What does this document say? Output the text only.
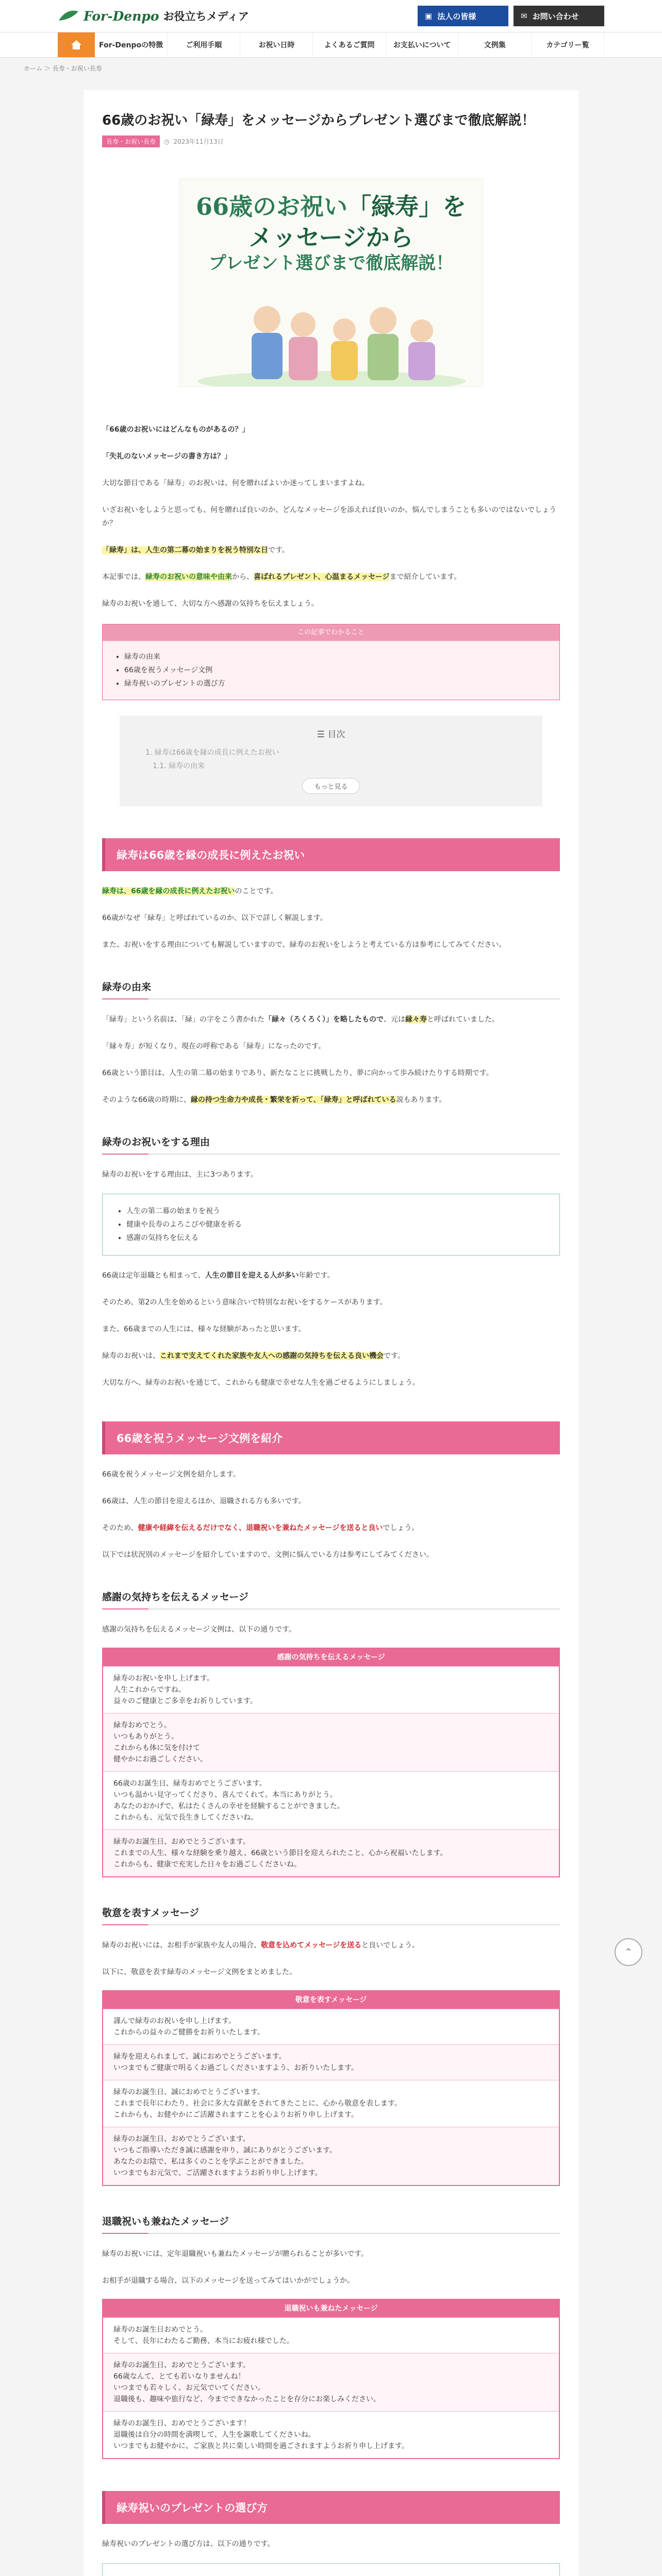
For-Denpo お役立ちメディア	▣ 法人の皆様	✉ お問い合わせ
For-Denpoの特徴	ご利用手順	お祝い日時	よくあるご質問	お支払いについて	文例集	カテゴリー覧
ホーム ＞ 長寿・お祝い長寿
66歳のお祝い「緑寿」をメッセージからプレゼント選びまで徹底解説！
長寿・お祝い長寿	◷ 2023年11月13日
66歳のお祝い「緑寿」を
メッセージから
プレゼント選びまで徹底解説！

「66歳のお祝いにはどんなものがあるの？」

「失礼のないメッセージの書き方は？」

大切な節目である「緑寿」のお祝いは、何を贈ればよいか迷ってしまいますよね。

いざお祝いをしようと思っても、何を贈れば良いのか、どんなメッセージを添えれば良いのか、悩んでしまうことも多いのではないでしょうか？

「緑寿」は、人生の第二幕の始まりを祝う特別な日です。

本記事では、緑寿のお祝いの意味や由来から、喜ばれるプレゼント、心温まるメッセージまで紹介しています。

緑寿のお祝いを通して、大切な方へ感謝の気持ちを伝えましょう。

この記事でわかること
• 緑寿の由来
• 66歳を祝うメッセージ文例
• 緑寿祝いのプレゼントの選び方
☰ 目次
1. 緑寿は66歳を縁の成長に例えたお祝い
1.1. 緑寿の由来
もっと見る
緑寿は66歳を縁の成長に例えたお祝い

緑寿は、66歳を縁の成長に例えたお祝いのことです。

66歳がなぜ「緑寿」と呼ばれているのか、以下で詳しく解説します。

また、お祝いをする理由についても解説していますので、緑寿のお祝いをしようと考えている方は参考にしてみてください。

緑寿の由来

「緑寿」という名前は、「緑」の字をこう書かれた「緑々（ろくろく）」を略したもので、元は縁々寿と呼ばれていました。

「縁々寿」が短くなり、現在の呼称である「緑寿」になったのです。

66歳という節目は、人生の第二幕の始まりであり、新たなことに挑戦したり、夢に向かって歩み続けたりする時期です。

そのような66歳の時期に、縁の持つ生命力や成長・繁栄を祈って、「緑寿」と呼ばれている説もあります。

緑寿のお祝いをする理由

緑寿のお祝いをする理由は、主に3つあります。

• 人生の第二幕の始まりを祝う
• 健康や長寿のよろこびや健康を祈る
• 感謝の気持ちを伝える

66歳は定年退職とも相まって、人生の節目を迎える人が多い年齢です。

そのため、第2の人生を始めるという意味合いで特別なお祝いをするケースがあります。

また、66歳までの人生には、様々な経験があったと思います。

緑寿のお祝いは、これまで支えてくれた家族や友人への感謝の気持ちを伝える良い機会です。

大切な方へ、緑寿のお祝いを通じて、これからも健康で幸せな人生を過ごせるようにしましょう。

66歳を祝うメッセージ文例を紹介

66歳を祝うメッセージ文例を紹介します。

66歳は、人生の節目を迎えるほか、退職される方も多いです。

そのため、健康や経緯を伝えるだけでなく、退職祝いを兼ねたメッセージを送ると良いでしょう。

以下では状況別のメッセージを紹介していますので、文例に悩んでいる方は参考にしてみてください。

感謝の気持ちを伝えるメッセージ

感謝の気持ちを伝えるメッセージ文例は、以下の通りです。

感謝の気持ちを伝えるメッセージ
緑寿のお祝いを申し上げます。
人生これからですね。
益々のご健康とご多幸をお祈りしています。
緑寿おめでとう。
いつもありがとう。
これからも体に気を付けて
健やかにお過ごしください。
66歳のお誕生日、緑寿おめでとうございます。
いつも温かい見守ってくださり、喜んでくれて。本当にありがとう。
あなたのおかげで、私はたくさんの幸せを経験することができました。
これからも、元気で長生きしてくださいね。
緑寿のお誕生日、おめでとうございます。
これまでの人生、様々な経験を乗り越え、66歳という節目を迎えられたこと、心から祝福いたします。
これからも、健康で充実した日々をお過ごしくださいね。
敬意を表すメッセージ

緑寿のお祝いには、お相手が家族や友人の場合、敬意を込めてメッセージを送ると良いでしょう。

以下に、敬意を表す緑寿のメッセージ文例をまとめました。

敬意を表すメッセージ
謹んで緑寿のお祝いを申し上げます。
これからの益々のご健勝をお祈りいたします。
緑寿を迎えられまして、誠におめでとうございます。
いつまでもご健康で明るくお過ごしくださいますよう、お祈りいたします。
緑寿のお誕生日、誠におめでとうございます。
これまで長年にわたり、社会に多大な貢献をされてきたことに、心から敬意を表します。
これからも、お健やかにご活躍されますことを心よりお祈り申し上げます。
緑寿のお誕生日、おめでとうございます。
いつもご指導いただき誠に感謝を申り、誠にありがとうございます。
あなたのお陰で、私は多くのことを学ぶことができました。
いつまでもお元気で、ご活躍されますようお祈り申し上げます。
退職祝いも兼ねたメッセージ

緑寿のお祝いには、定年退職祝いも兼ねたメッセージが贈られることが多いです。

お相手が退職する場合、以下のメッセージを送ってみてはいかがでしょうか。

退職祝いも兼ねたメッセージ
緑寿のお誕生日おめでとう。
そして、長年にわたるご勤務、本当にお疲れ様でした。
緑寿のお誕生日、おめでとうございます。
66歳なんて、とても若いなりませんね！
いつまでも若々しく、お元気でいてください。
退職後も、趣味や旅行など、今までできなかったことを存分にお楽しみください。
緑寿のお誕生日、おめでとうございます！
退職後は自分の時間を満喫して、人生を謳歌してくださいね。
いつまでもお健やかに、ご家族と共に楽しい時間を過ごされますようお祈り申し上げます。
緑寿祝いのプレゼントの選び方

緑寿祝いのプレゼントの選び方は、以下の通りです。

•
⌃
